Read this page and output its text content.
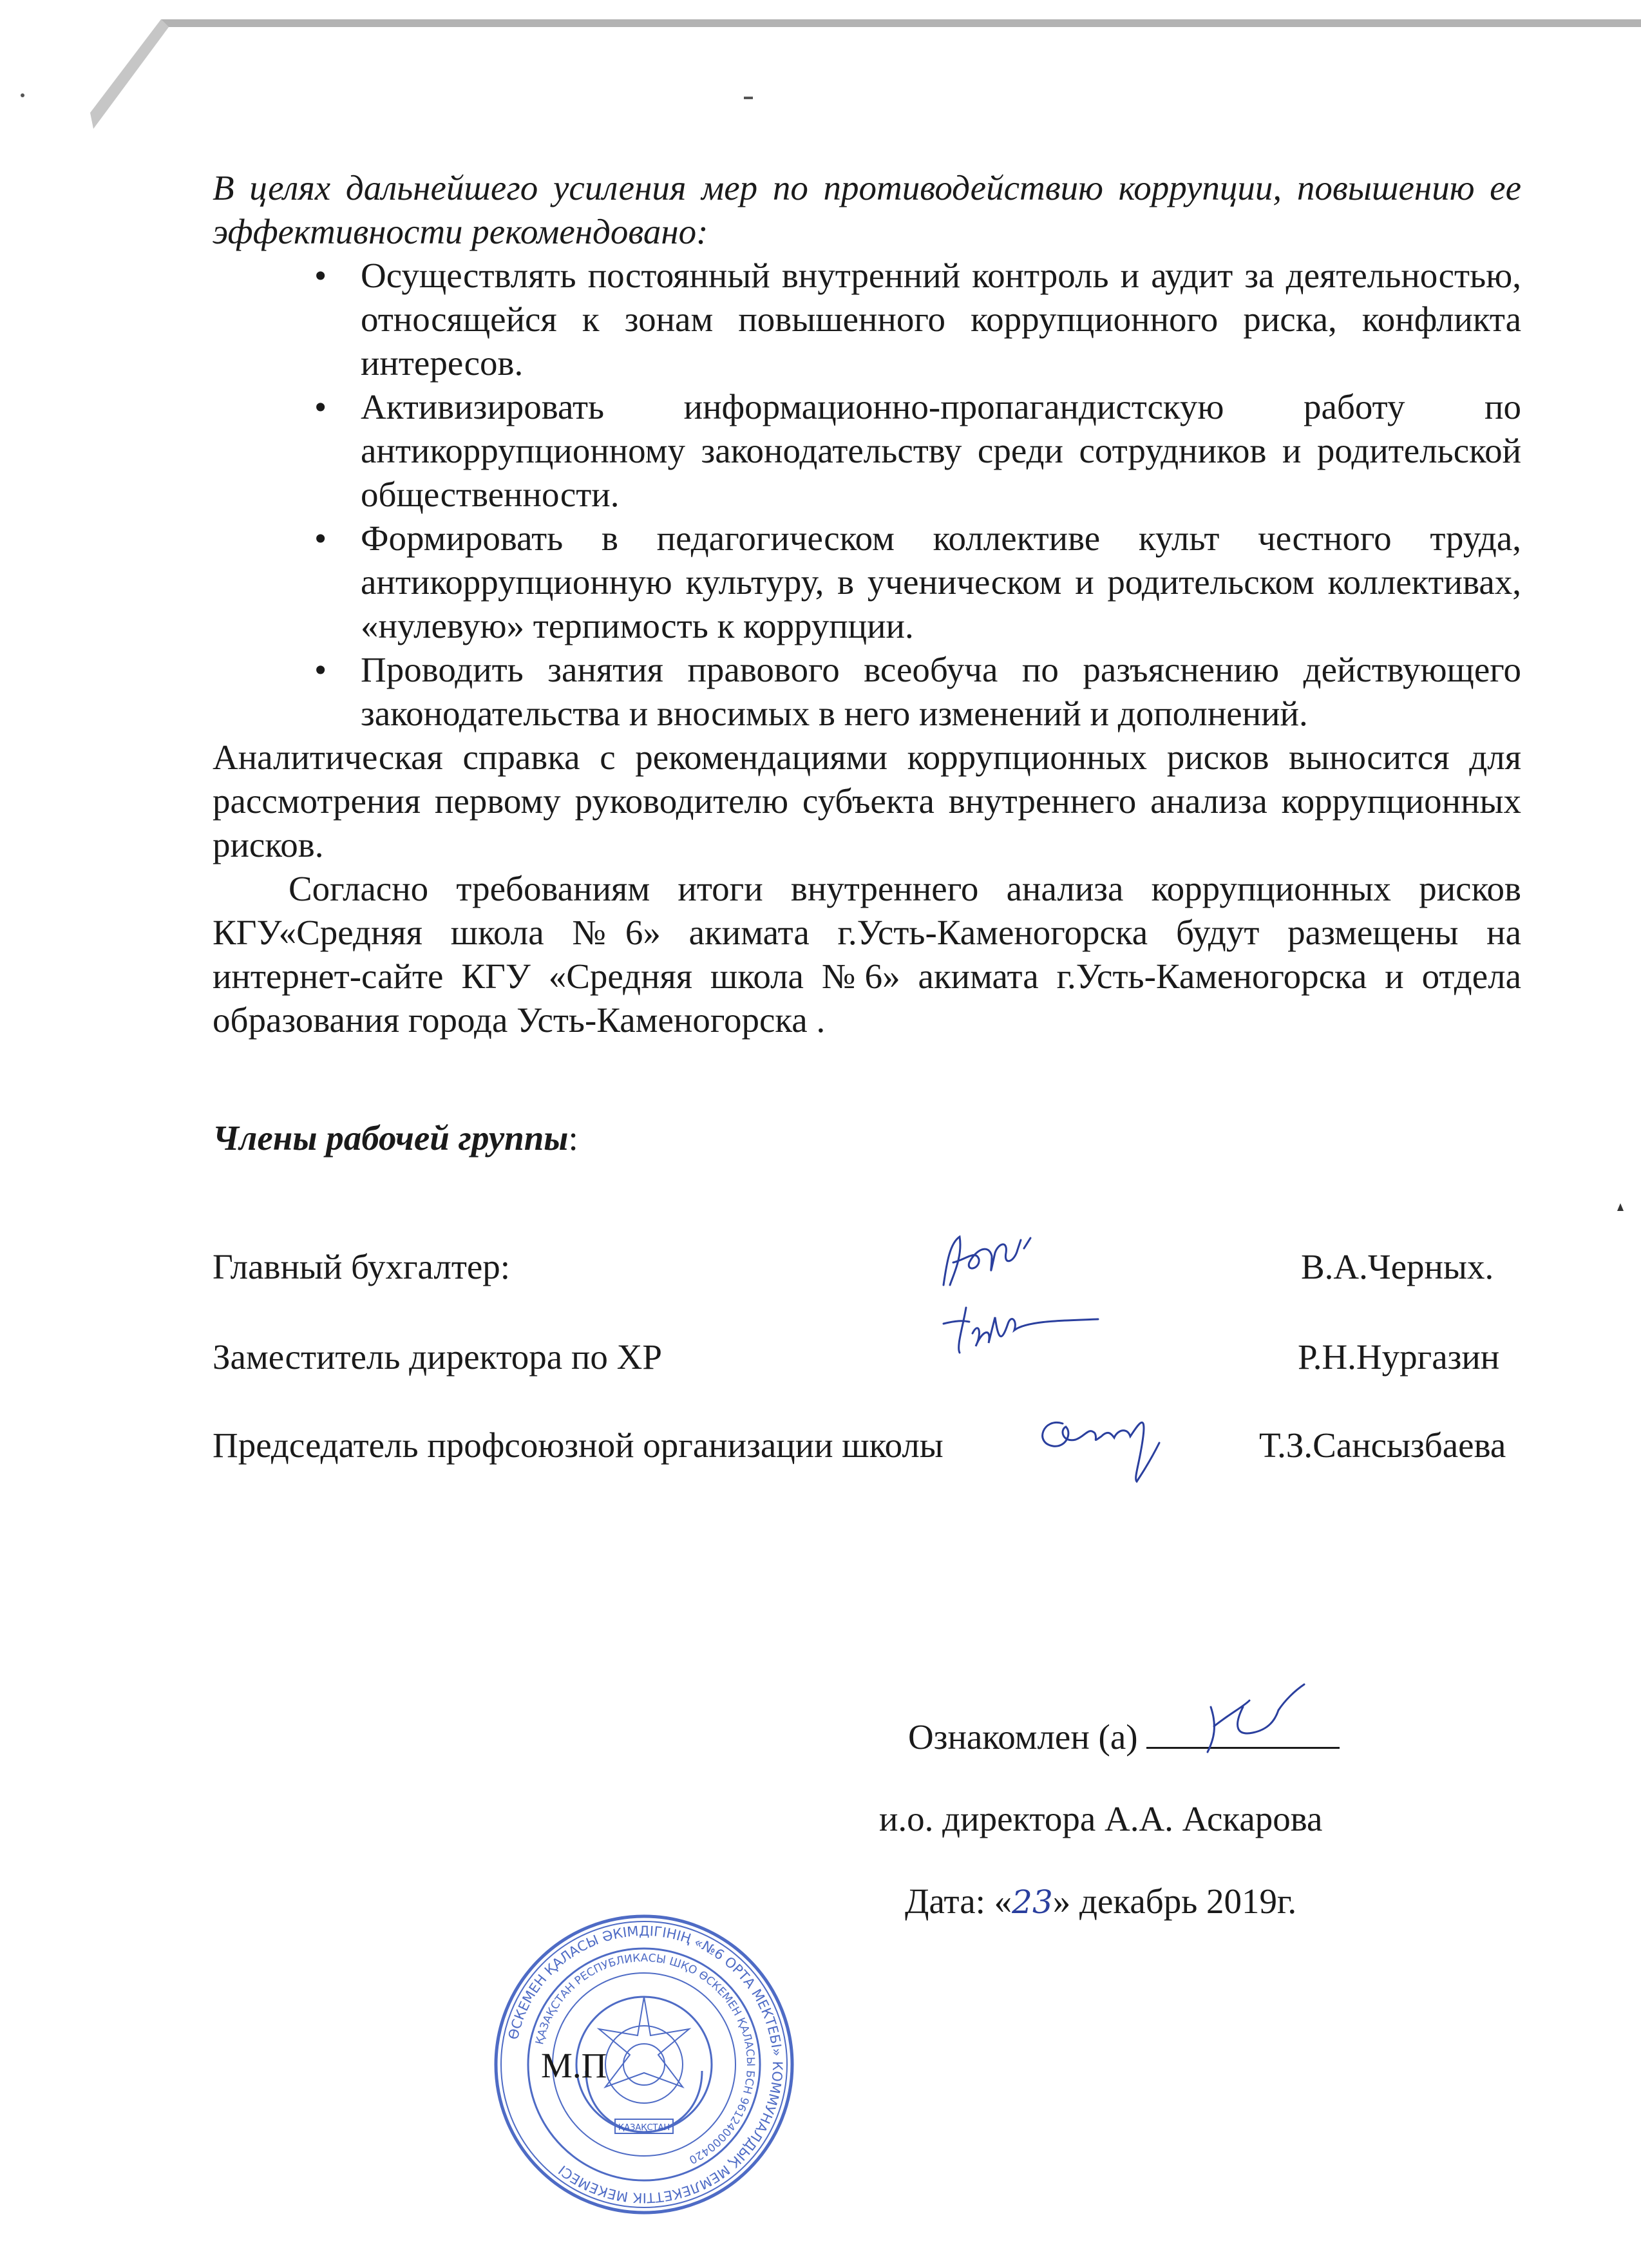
В целях дальнейшего усиления мер по противодействию коррупции, повышению ее эффективности рекомендовано:

• Осуществлять постоянный внутренний контроль и аудит за деятельностью, относящейся к зонам повышенного коррупционного риска, конфликта интересов.
• Активизировать информационно-пропагандистскую работу по антикоррупционному законодательству среди сотрудников и родительской общественности.
• Формировать в педагогическом коллективе культ честного труда, антикоррупционную культуру, в ученическом и родительском коллективах, «нулевую» терпимость к коррупции.
• Проводить занятия правового всеобуча по разъяснению действующего законодательства и вносимых в него изменений и дополнений.

Аналитическая справка с рекомендациями коррупционных рисков выносится для рассмотрения первому руководителю субъекта внутреннего анализа коррупционных рисков.

Согласно требованиям итоги внутреннего анализа коррупционных рисков КГУ«Средняя школа №6» акимата г.Усть-Каменогорска будут размещены на интернет-сайте КГУ «Средняя школа №6» акимата г.Усть-Каменогорска и отдела образования города Усть-Каменогорска .

Члены рабочей группы:
Главный бухгалтер:	В.А.Черных.
Заместитель директора по ХР	Р.Н.Нургазин
Председатель профсоюзной организации школы	Т.З.Сансызбаева
ӨСКЕМЕН ҚАЛАСЫ ӘКІМДІГІНІҢ «№6 ОРТА МЕКТЕБІ» КОММУНАЛДЫҚ МЕМЛЕКЕТТІК МЕКЕМЕСІ
ҚАЗАҚСТАН РЕСПУБЛИКАСЫ ШҚО ӨСКЕМЕН ҚАЛАСЫ БСН 961240000420
ҚАЗАҚСТАН
М.П
Ознакомлен (а)
и.о. директора А.А. Аскарова
Дата: «23» декабрь 2019г.
